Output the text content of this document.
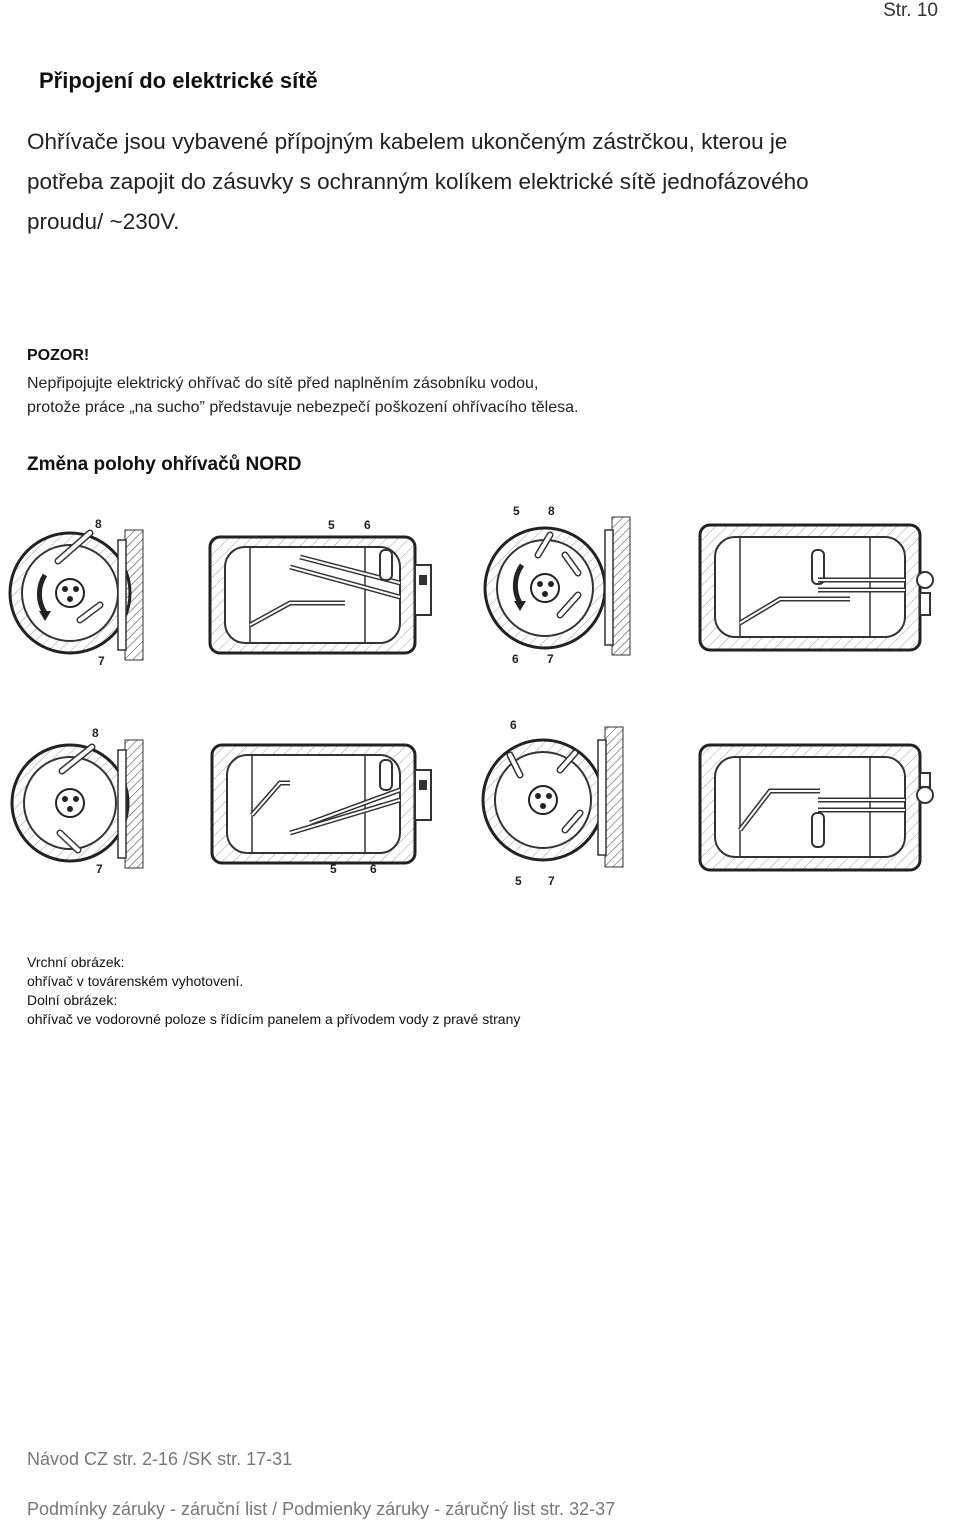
Str. 10
Připojení do elektrické sítě
Ohřívače jsou vybavené přípojným kabelem ukončeným zástrčkou, kterou je
potřeba zapojit do zásuvky s ochranným kolíkem elektrické sítě jednofázového
proudu/ ~230V.
POZOR!
Nepřipojujte elektrický ohřívač do sítě před naplněním zásobníku vodou,
protože práce „na sucho” představuje nebezpečí poškození ohřívacího tělesa.
Změna polohy ohřívačů NORD
8
7
5 6
5 8
6 7
8
7	5	6
6
5 7
Vrchní obrázek:
ohřívač v továrenském vyhotovení.
Dolní obrázek:
ohřívač ve vodorovné poloze s řídícím panelem a přívodem vody z pravé strany
Návod CZ str. 2-16 /SK str. 17-31
Podmínky záruky - záruční list / Podmienky záruky - záručný list str. 32-37
